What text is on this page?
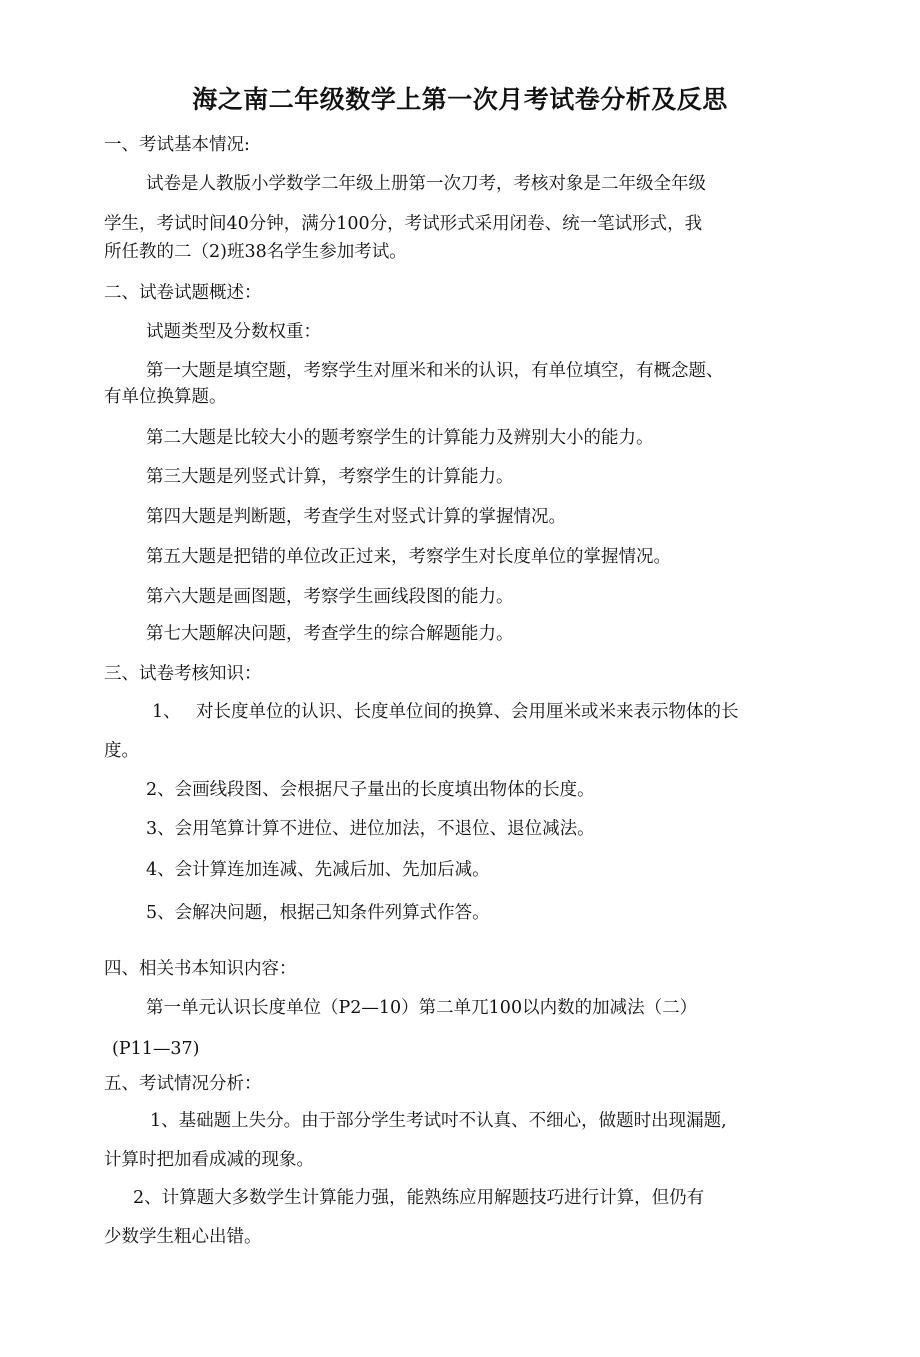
海之南二年级数学上第一次月考试卷分析及反思
一、考试基本情况:
试卷是人教版小学数学二年级上册第一次刀考，考核对象是二年级全年级
学生，考试时间40分钟，满分100分，考试形式采用闭卷、统一笔试形式，我
所任教的二（2)班38名学生参加考试。
二、试卷试题概述：
试题类型及分数权重：
第一大题是填空题，考察学生对厘米和米的认识，有单位填空，有概念题、
有单位换算题。
第二大题是比较大小的题考察学生的计算能力及辨别大小的能力。
第三大题是列竖式计算，考察学生的计算能力。
第四大题是判断题，考查学生对竖式计算的掌握情况。
第五大题是把错的单位改正过来，考察学生对长度单位的掌握情况。
第六大题是画图题，考察学生画线段图的能力。
第七大题解决问题，考查学生的综合解题能力。
三、试卷考核知识：
1、 对长度单位的认识、长度单位间的换算、会用厘米或米来表示物体的长
度。
2、会画线段图、会根据尺子量出的长度填出物体的长度。
3、会用笔算计算不进位、进位加法，不退位、退位减法。
4、会计算连加连减、先减后加、先加后减。
5、会解决问题，根据己知条件列算式作答。
四、相关书本知识内容：
第一单元认识长度单位（P2—10）第二单兀100以内数的加减法（二）
(P11—37)
五、考试情况分析：
1、基础题上失分。由于部分学生考试吋不认真、不细心，做题时出现漏题,
计算时把加看成减的现象。
2、计算题大多数学生计算能力强，能熟练应用解题技巧进行计算，但仍有
少数学生粗心出错。
